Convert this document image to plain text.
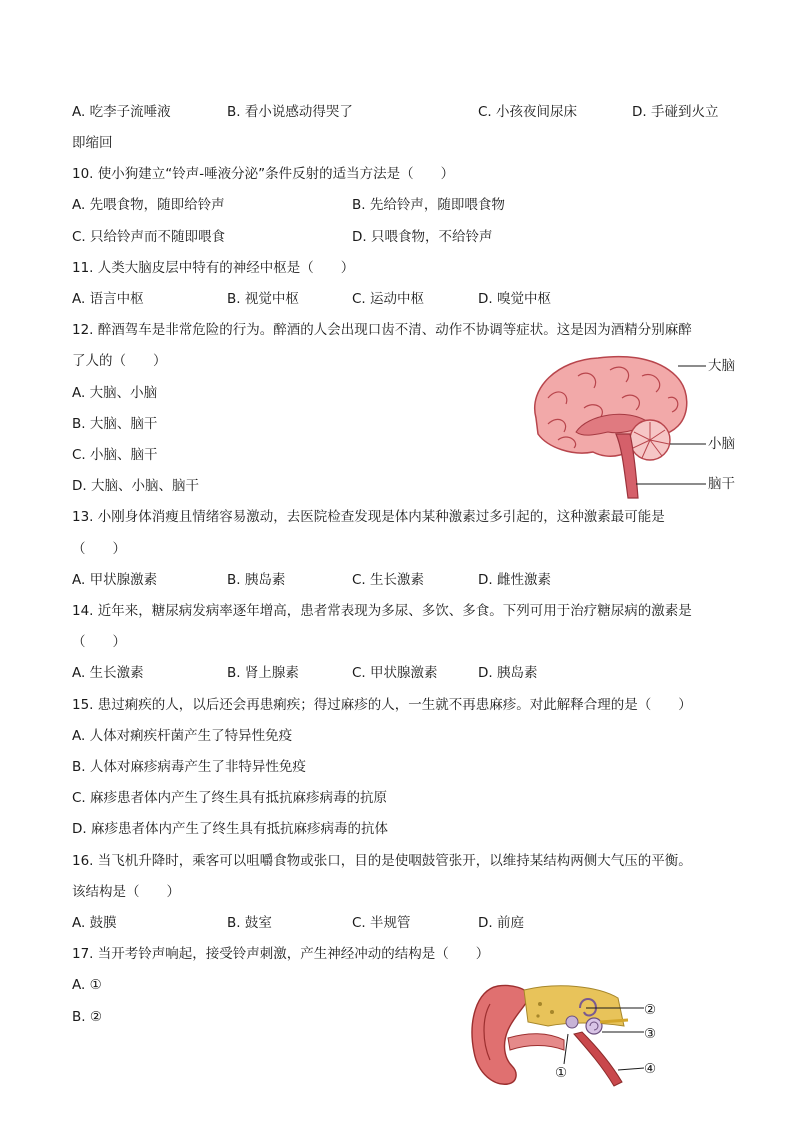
A. 吃李子流唾液	B. 看小说感动得哭了	C. 小孩夜间尿床	D. 手碰到火立
即缩回
10. 使小狗建立“铃声-唾液分泌”条件反射的适当方法是（　　）
A. 先喂食物，随即给铃声	B. 先给铃声，随即喂食物
C. 只给铃声而不随即喂食	D. 只喂食物，不给铃声
11. 人类大脑皮层中特有的神经中枢是（　　）
A. 语言中枢	B. 视觉中枢	C. 运动中枢	D. 嗅觉中枢
12. 醉酒驾车是非常危险的行为。醉酒的人会出现口齿不清、动作不协调等症状。这是因为酒精分别麻醉
了人的（　　）
A. 大脑、小脑
B. 大脑、脑干
C. 小脑、脑干
D. 大脑、小脑、脑干
大脑
小脑
脑干
13. 小刚身体消瘦且情绪容易激动，去医院检查发现是体内某种激素过多引起的，这种激素最可能是
（　　）
A. 甲状腺激素	B. 胰岛素	C. 生长激素	D. 雌性激素
14. 近年来，糖尿病发病率逐年增高，患者常表现为多尿、多饮、多食。下列可用于治疗糖尿病的激素是
（　　）
A. 生长激素	B. 肾上腺素	C. 甲状腺激素	D. 胰岛素
15. 患过痢疾的人，以后还会再患痢疾；得过麻疹的人，一生就不再患麻疹。对此解释合理的是（　　）
A. 人体对痢疾杆菌产生了特异性免疫
B. 人体对麻疹病毒产生了非特异性免疫
C. 麻疹患者体内产生了终生具有抵抗麻疹病毒的抗原
D. 麻疹患者体内产生了终生具有抵抗麻疹病毒的抗体
16. 当飞机升降时，乘客可以咀嚼食物或张口，目的是使咽鼓管张开，以维持某结构两侧大气压的平衡。
该结构是（　　）
A. 鼓膜	B. 鼓室	C. 半规管	D. 前庭
17. 当开考铃声响起，接受铃声刺激，产生神经冲动的结构是（　　）
A. ①
B. ②
①
②
③
④
